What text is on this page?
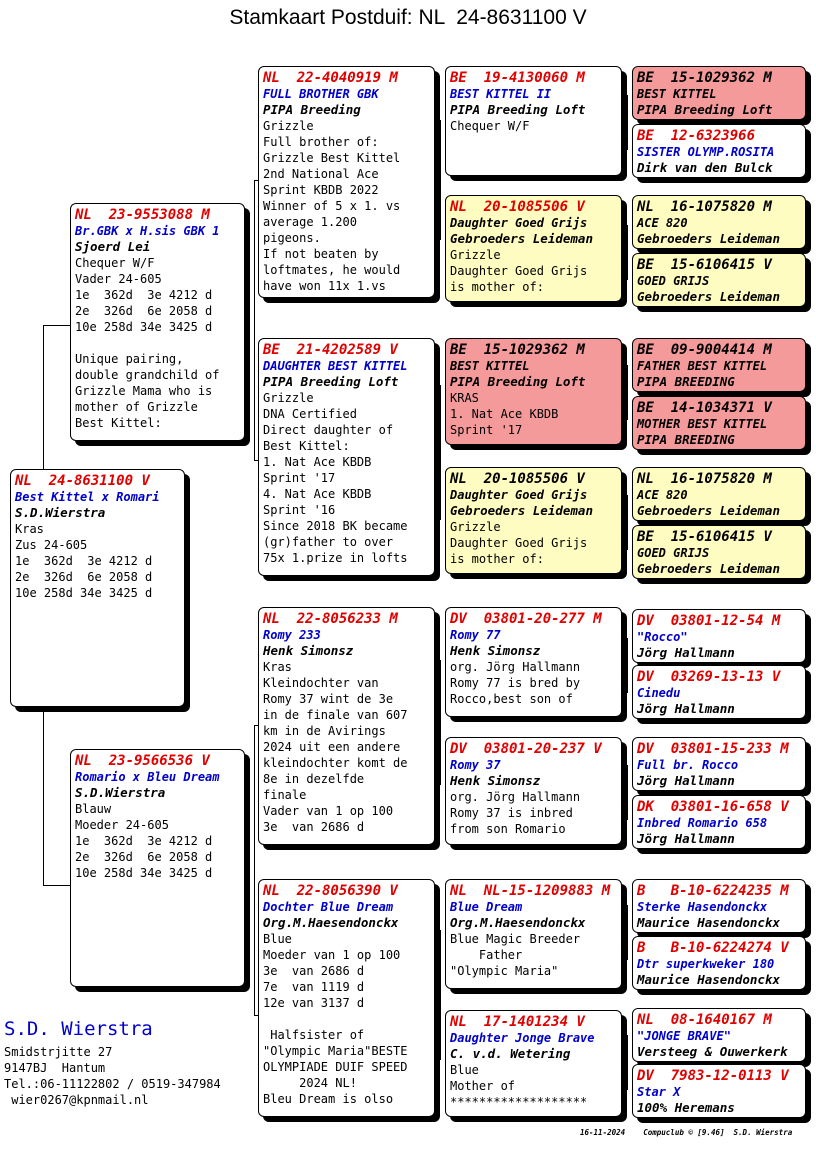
Stamkaart Postduif: NL  24-8631100 V
NL  24-8631100 V
Best Kittel x Romari
S.D.Wierstra
Kras
Zus 24-605
1e  362d  3e 4212 d
2e  326d  6e 2058 d
10e 258d 34e 3425 d
NL  23-9553088 M
Br.GBK x H.sis GBK 1
Sjoerd Lei
Chequer W/F
Vader 24-605
1e  362d  3e 4212 d
2e  326d  6e 2058 d
10e 258d 34e 3425 d

Unique pairing,
double grandchild of
Grizzle Mama who is
mother of Grizzle
Best Kittel:
NL  23-9566536 V
Romario x Bleu Dream
S.D.Wierstra
Blauw
Moeder 24-605
1e  362d  3e 4212 d
2e  326d  6e 2058 d
10e 258d 34e 3425 d
NL  22-4040919 M
FULL BROTHER GBK
PIPA Breeding
Grizzle
Full brother of:
Grizzle Best Kittel
2nd National Ace
Sprint KBDB 2022
Winner of 5 x 1. vs
average 1.200
pigeons.
If not beaten by
loftmates, he would
have won 11x 1.vs
BE  21-4202589 V
DAUGHTER BEST KITTEL
PIPA Breeding Loft
Grizzle
DNA Certified
Direct daughter of
Best Kittel:
1. Nat Ace KBDB
Sprint '17
4. Nat Ace KBDB
Sprint '16
Since 2018 BK became
(gr)father to over
75x 1.prize in lofts
NL  22-8056233 M
Romy 233
Henk Simonsz
Kras
Kleindochter van
Romy 37 wint de 3e
in de finale van 607
km in de Avirings
2024 uit een andere
kleindochter komt de
8e in dezelfde
finale
Vader van 1 op 100
3e  van 2686 d
NL  22-8056390 V
Dochter Blue Dream
Org.M.Haesendonckx
Blue
Moeder van 1 op 100
3e  van 2686 d
7e  van 1119 d
12e van 3137 d

Halfsister of
"Olympic Maria"BESTE
OLYMPIADE DUIF SPEED
2024 NL!
Bleu Dream is olso
BE  19-4130060 M
BEST KITTEL II
PIPA Breeding Loft
Chequer W/F
NL  20-1085506 V
Daughter Goed Grijs
Gebroeders Leideman
Grizzle
Daughter Goed Grijs
is mother of:
BE  15-1029362 M
BEST KITTEL
PIPA Breeding Loft
KRAS
1. Nat Ace KBDB
Sprint '17
NL  20-1085506 V
Daughter Goed Grijs
Gebroeders Leideman
Grizzle
Daughter Goed Grijs
is mother of:
DV  03801-20-277 M
Romy 77
Henk Simonsz
org. Jörg Hallmann
Romy 77 is bred by
Rocco,best son of
DV  03801-20-237 V
Romy 37
Henk Simonsz
org. Jörg Hallmann
Romy 37 is inbred
from son Romario
NL  NL-15-1209883 M
Blue Dream
Org.M.Haesendonckx
Blue Magic Breeder
Father
"Olympic Maria"
NL  17-1401234 V
Daughter Jonge Brave
C. v.d. Wetering
Blue
Mother of
*******************
BE  15-1029362 M
BEST KITTEL
PIPA Breeding Loft
BE  12-6323966
SISTER OLYMP.ROSITA
Dirk van den Bulck
NL  16-1075820 M
ACE 820
Gebroeders Leideman
BE  15-6106415 V
GOED GRIJS
Gebroeders Leideman
BE  09-9004414 M
FATHER BEST KITTEL
PIPA BREEDING
BE  14-1034371 V
MOTHER BEST KITTEL
PIPA BREEDING
NL  16-1075820 M
ACE 820
Gebroeders Leideman
BE  15-6106415 V
GOED GRIJS
Gebroeders Leideman
DV  03801-12-54 M
"Rocco"
Jörg Hallmann
DV  03269-13-13 V
Cinedu
Jörg Hallmann
DV  03801-15-233 M
Full br. Rocco
Jörg Hallmann
DK  03801-16-658 V
Inbred Romario 658
Jörg Hallmann
B   B-10-6224235 M
Sterke Hasendonckx
Maurice Hasendonckx
B   B-10-6224274 V
Dtr superkweker 180
Maurice Hasendonckx
NL  08-1640167 M
"JONGE BRAVE"
Versteeg & Ouwerkerk
DV  7983-12-0113 V
Star X
100% Heremans
S.D. Wierstra
Smidstrjitte 27
9147BJ  Hantum
Tel.:06-11122802 / 0519-347984
wier0267@kpnmail.nl
16-11-2024    Compuclub © [9.46]  S.D. Wierstra
